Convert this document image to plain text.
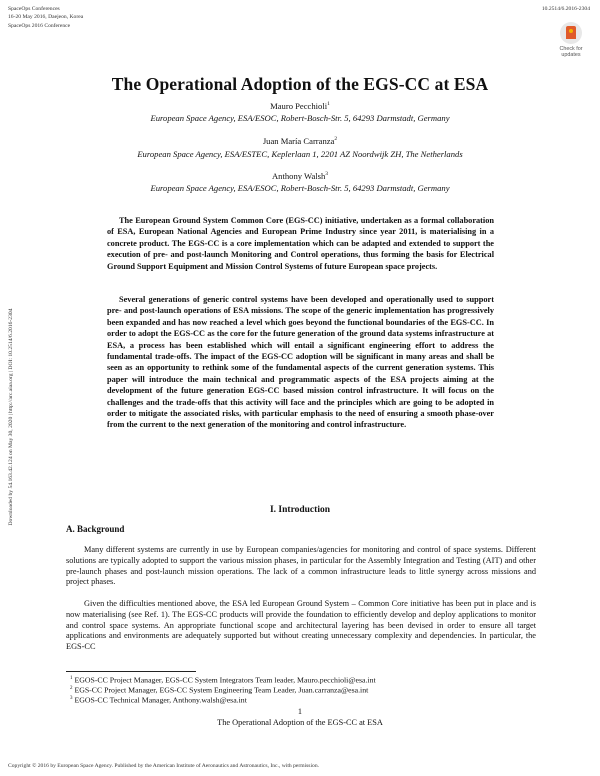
SpaceOps Conferences
16-20 May 2016, Daejeon, Korea
SpaceOps 2016 Conference
10.2514/6.2016-2304
Check for
updates
Downloaded by 54.163.42.124 on May 30, 2020 | http://arc.aiaa.org | DOI: 10.2514/6.2016-2304
The Operational Adoption of the EGS-CC at ESA
Mauro Pecchioli$^1$
European Space Agency, ESA/ESOC, Robert-Bosch-Str. 5, 64293 Darmstadt, Germany
Juan María Carranza$^2$
European Space Agency, ESA/ESTEC, Keplerlaan 1, 2201 AZ Noordwijk ZH, The Netherlands
Anthony Walsh$^3$
European Space Agency, ESA/ESOC, Robert-Bosch-Str. 5, 64293 Darmstadt, Germany
The European Ground System Common Core (EGS-CC) initiative, undertaken as a formal collaboration of ESA, European National Agencies and European Prime Industry since year 2011, is materialising in a concrete product. The EGS-CC is a core implementation which can be adapted and extended to support the execution of pre- and post-launch Monitoring and Control operations, thus forming the basis for Electrical Ground Support Equipment and Mission Control Systems of future European space projects.
Several generations of generic control systems have been developed and operationally used to support pre- and post-launch operations of ESA missions. The scope of the generic implementation has progressively been expanded and has now reached a level which goes beyond the functional boundaries of the EGS-CC. In order to adopt the EGS-CC as the core for the future generation of the ground data systems infrastructure at ESA, a process has been established which will entail a significant engineering effort to address the fundamental trade-offs. The impact of the EGS-CC adoption will be significant in many areas and shall be seen as an opportunity to rethink some of the fundamental aspects of the current generation systems. This paper will introduce the main technical and programmatic aspects of the ESA projects aiming at the development of the future generation EGS-CC based mission control infrastructure. It will focus on the challenges and the trade-offs that this activity will face and the principles which are going to be adopted in order to mitigate the associated risks, with particular emphasis to the need of ensuring a smooth phase-over from the current to the next generation of the monitoring and control infrastructure.
I. Introduction
A. Background
Many different systems are currently in use by European companies/agencies for monitoring and control of space systems. Different solutions are typically adopted to support the various mission phases, in particular for the Assembly Integration and Testing (AIT) and other pre-launch phases and post-launch mission operations. The lack of a common infrastructure leads to little synergy across missions and project phases.
Given the difficulties mentioned above, the ESA led European Ground System – Common Core initiative has been put in place and is now materialising (see Ref. 1). The EGS-CC products will provide the foundation to efficiently develop and deploy applications to monitor and control space systems. An appropriate functional scope and architectural layering has been devised in order to ensure all target applications and environments are adequately supported but without creating unnecessary complexity and dependencies. In particular, the EGS-CC
$^1$ EGOS-CC Project Manager, EGS-CC System Integrators Team leader, Mauro.pecchioli@esa.int
$^2$ EGS-CC Project Manager, EGS-CC System Engineering Team Leader, Juan.carranza@esa.int
$^3$ EGOS-CC Technical Manager, Anthony.walsh@esa.int
1
The Operational Adoption of the EGS-CC at ESA
Copyright © 2016 by European Space Agency. Published by the American Institute of Aeronautics and Astronautics, Inc., with permission.
